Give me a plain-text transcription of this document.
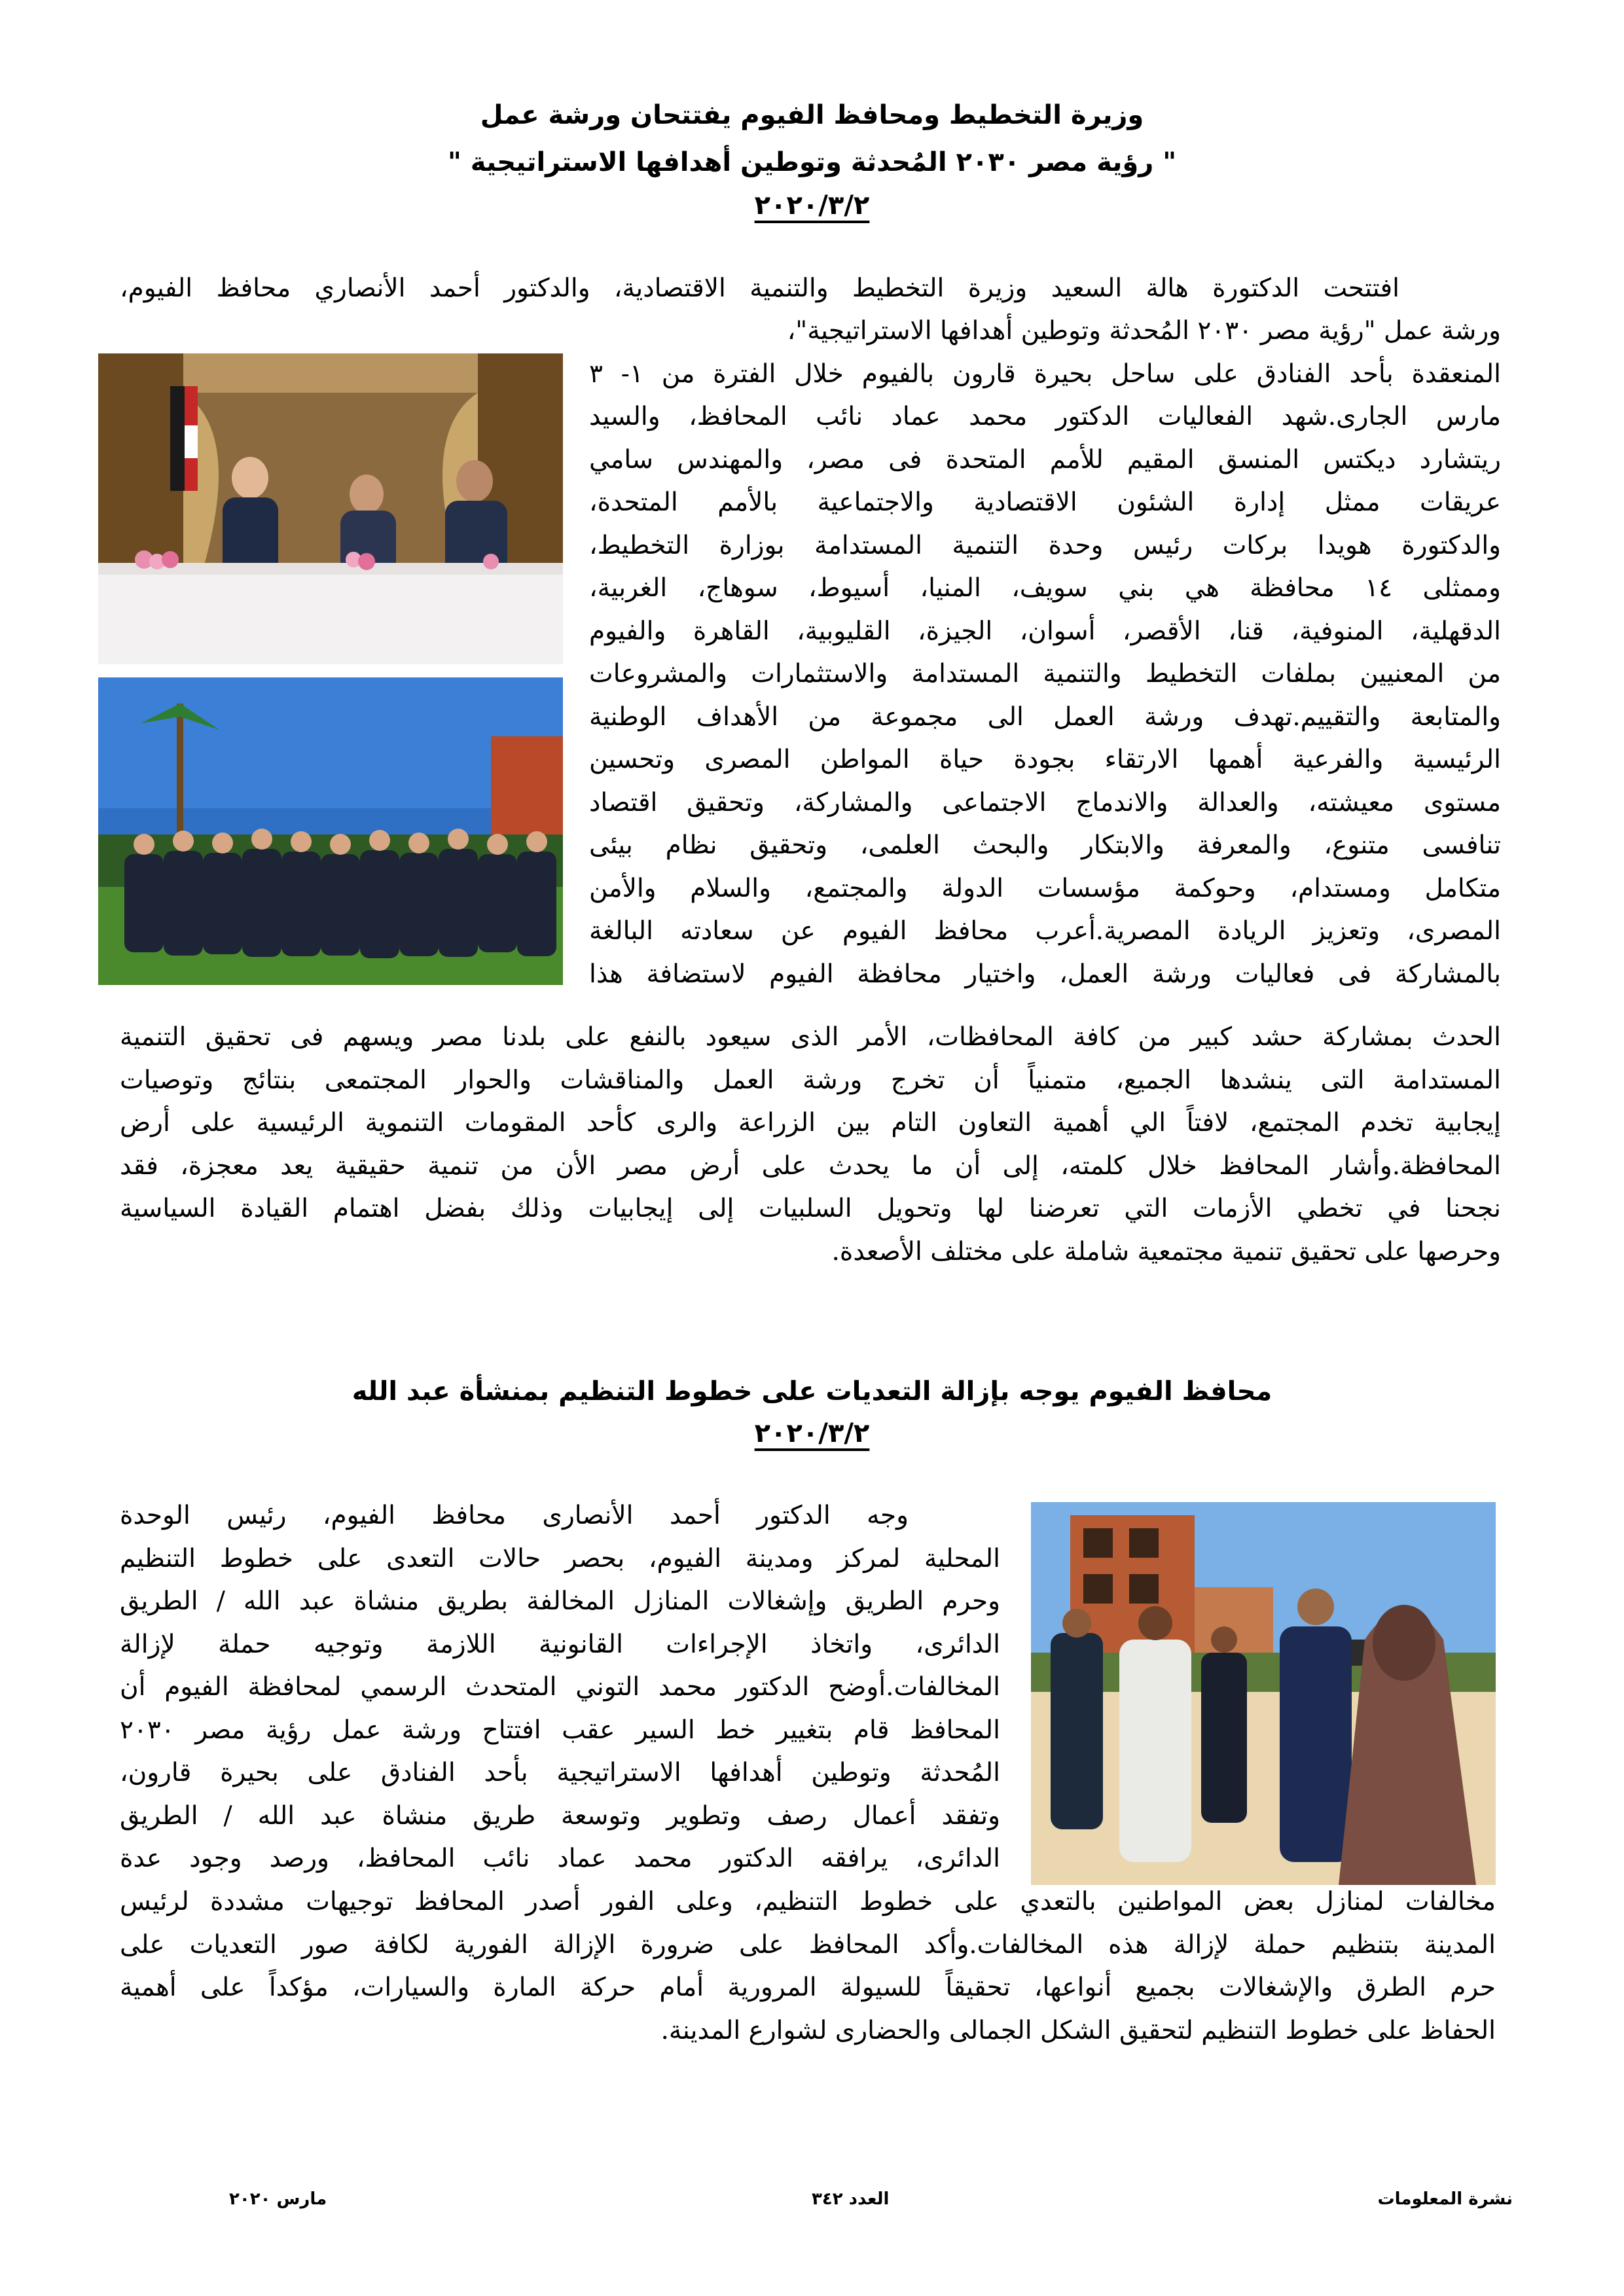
وزيرة التخطيط ومحافظ الفيوم يفتتحان ورشة عمل
" رؤية مصر ٢٠٣٠ المُحدثة وتوطين أهدافها الاستراتيجية "
٢٠٢٠/٣/٢

افتتحت الدكتورة هالة السعيد وزيرة التخطيط والتنمية الاقتصادية، والدكتور أحمد الأنصاري محافظ الفيوم،

ورشة عمل "رؤية مصر ٢٠٣٠ المُحدثة وتوطين أهدافها الاستراتيجية"،
المنعقدة بأحد الفنادق على ساحل بحيرة قارون بالفيوم خلال الفترة من ١- ٣
مارس الجارى.شهد الفعاليات الدكتور محمد عماد نائب المحافظ، والسيد
ريتشارد ديكتس المنسق المقيم للأمم المتحدة فى مصر، والمهندس سامي
عريقات ممثل إدارة الشئون الاقتصادية والاجتماعية بالأمم المتحدة،
والدكتورة هويدا بركات رئيس وحدة التنمية المستدامة بوزارة التخطيط،
وممثلى ١٤ محافظة هي بني سويف، المنيا، أسيوط، سوهاج، الغربية،
الدقهلية، المنوفية، قنا، الأقصر، أسوان، الجيزة، القليوبية، القاهرة والفيوم
من المعنيين بملفات التخطيط والتنمية المستدامة والاستثمارات والمشروعات
والمتابعة والتقييم.تهدف ورشة العمل الى مجموعة من الأهداف الوطنية
الرئيسية والفرعية أهمها الارتقاء بجودة حياة المواطن المصرى وتحسين
مستوى معيشته، والعدالة والاندماج الاجتماعى والمشاركة، وتحقيق اقتصاد
تنافسى متنوع، والمعرفة والابتكار والبحث العلمى، وتحقيق نظام بيئى
متكامل ومستدام، وحوكمة مؤسسات الدولة والمجتمع، والسلام والأمن
المصرى، وتعزيز الريادة المصرية.أعرب محافظ الفيوم عن سعادته البالغة
بالمشاركة فى فعاليات ورشة العمل، واختيار محافظة الفيوم لاستضافة هذا

الحدث بمشاركة حشد كبير من كافة المحافظات، الأمر الذى سيعود بالنفع على بلدنا مصر ويسهم فى تحقيق التنمية
المستدامة التى ينشدها الجميع، متمنياً أن تخرج ورشة العمل والمناقشات والحوار المجتمعى بنتائج وتوصيات
إيجابية تخدم المجتمع، لافتاً الي أهمية التعاون التام بين الزراعة والرى كأحد المقومات التنموية الرئيسية على أرض
المحافظة.وأشار المحافظ خلال كلمته، إلى أن ما يحدث على أرض مصر الأن من تنمية حقيقية يعد معجزة، فقد
نجحنا في تخطي الأزمات التي تعرضنا لها وتحويل السلبيات إلى إيجابيات وذلك بفضل اهتمام القيادة السياسية
وحرصها على تحقيق تنمية مجتمعية شاملة على مختلف الأصعدة.

محافظ الفيوم يوجه بإزالة التعديات على خطوط التنظيم بمنشأة عبد الله
٢٠٢٠/٣/٢

وجه الدكتور أحمد الأنصارى محافظ الفيوم، رئيس الوحدة
المحلية لمركز ومدينة الفيوم، بحصر حالات التعدى على خطوط التنظيم
وحرم الطريق وإشغالات المنازل المخالفة بطريق منشاة عبد الله / الطريق
الدائرى، واتخاذ الإجراءات القانونية اللازمة وتوجيه حملة لإزالة
المخالفات.أوضح الدكتور محمد التوني المتحدث الرسمي لمحافظة الفيوم أن
المحافظ قام بتغيير خط السير عقب افتتاح ورشة عمل رؤية مصر ٢٠٣٠
المُحدثة وتوطين أهدافها الاستراتيجية بأحد الفنادق على بحيرة قارون،
وتفقد أعمال رصف وتطوير وتوسعة طريق منشاة عبد الله / الطريق
الدائرى، يرافقه الدكتور محمد عماد نائب المحافظ، ورصد وجود عدة

مخالفات لمنازل بعض المواطنين بالتعدي على خطوط التنظيم، وعلى الفور أصدر المحافظ توجيهات مشددة لرئيس
المدينة بتنظيم حملة لإزالة هذه المخالفات.وأكد المحافظ على ضرورة الإزالة الفورية لكافة صور التعديات على
حرم الطرق والإشغالات بجميع أنواعها، تحقيقاً للسيولة المرورية أمام حركة المارة والسيارات، مؤكداً على أهمية
الحفاظ على خطوط التنظيم لتحقيق الشكل الجمالى والحضارى لشوارع المدينة.

نشرة المعلومات
العدد ٣٤٢
مارس ٢٠٢٠
